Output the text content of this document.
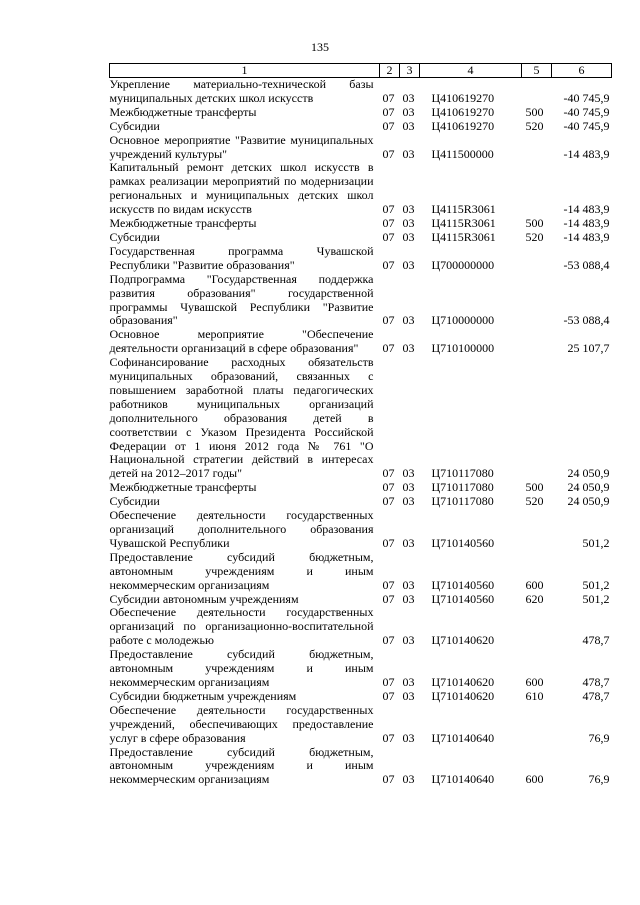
135
1	2	3	4	5	6
Укрепление материально-технической базы муниципальных детских школ искусств	07	03	Ц410619270		-40 745,9
Межбюджетные трансферты	07	03	Ц410619270	500	-40 745,9
Субсидии	07	03	Ц410619270	520	-40 745,9
Основное мероприятие "Развитие муниципальных учреждений культуры"	07	03	Ц411500000		-14 483,9
Капитальный ремонт детских школ искусств в рамках реализации мероприятий по модернизации региональных и муниципальных детских школ искусств по видам искусств	07	03	Ц4115R3061		-14 483,9
Межбюджетные трансферты	07	03	Ц4115R3061	500	-14 483,9
Субсидии	07	03	Ц4115R3061	520	-14 483,9
Государственная программа Чувашской Республики "Развитие образования"	07	03	Ц700000000		-53 088,4
Подпрограмма "Государственная поддержка развития образования" государственной программы Чувашской Республики "Развитие образования"	07	03	Ц710000000		-53 088,4
Основное мероприятие "Обеспечение деятельности организаций в сфере образования"	07	03	Ц710100000		25 107,7
Софинансирование расходных обязательств муниципальных образований, связанных с повышением заработной платы педагогических работников муниципальных организаций дополнительного образования детей в соответствии с Указом Президента Российской Федерации от 1 июня 2012 года № 761 "О Национальной стратегии действий в интересах детей на 2012–2017 годы"	07	03	Ц710117080		24 050,9
Межбюджетные трансферты	07	03	Ц710117080	500	24 050,9
Субсидии	07	03	Ц710117080	520	24 050,9
Обеспечение деятельности государственных организаций дополнительного образования Чувашской Республики	07	03	Ц710140560		501,2
Предоставление субсидий бюджетным, автономным учреждениям и иным некоммерческим организациям	07	03	Ц710140560	600	501,2
Субсидии автономным учреждениям	07	03	Ц710140560	620	501,2
Обеспечение деятельности государственных организаций по организационно-воспитательной работе с молодежью	07	03	Ц710140620		478,7
Предоставление субсидий бюджетным, автономным учреждениям и иным некоммерческим организациям	07	03	Ц710140620	600	478,7
Субсидии бюджетным учреждениям	07	03	Ц710140620	610	478,7
Обеспечение деятельности государственных учреждений, обеспечивающих предоставление услуг в сфере образования	07	03	Ц710140640		76,9
Предоставление субсидий бюджетным, автономным учреждениям и иным некоммерческим организациям	07	03	Ц710140640	600	76,9
